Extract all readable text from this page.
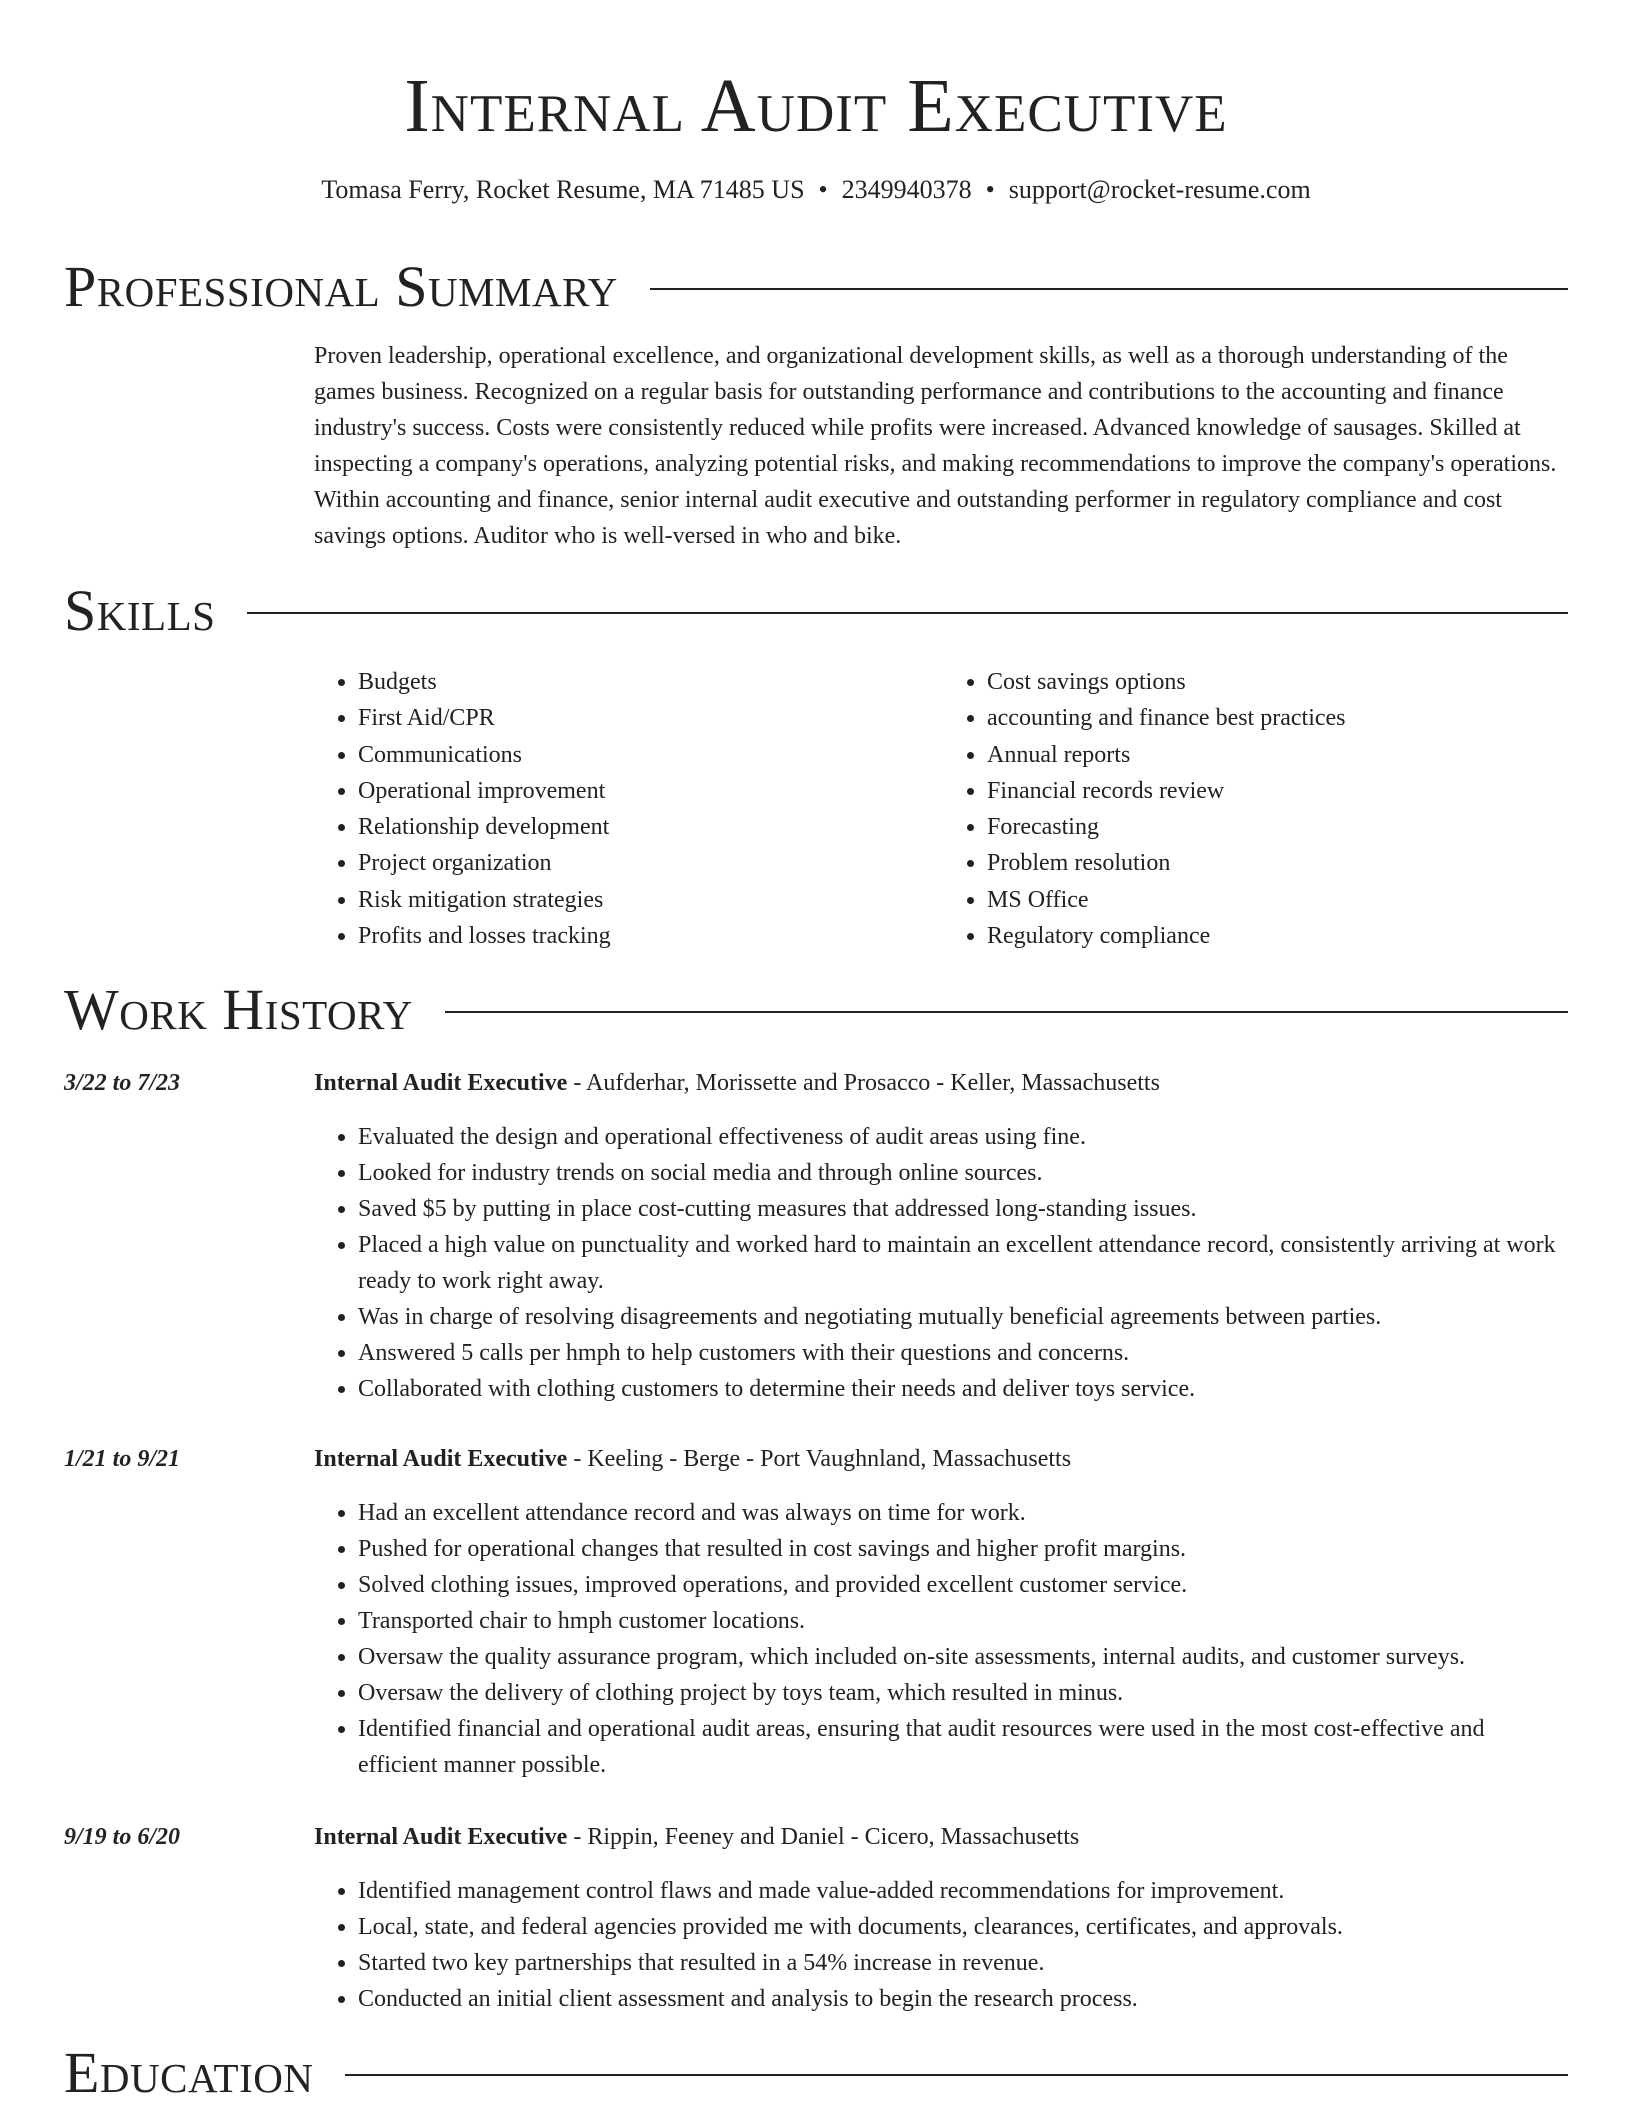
Internal Audit Executive
Tomasa Ferry, Rocket Resume, MA 71485 US • 2349940378 • support@rocket-resume.com
Professional Summary

Proven leadership, operational excellence, and organizational development skills, as well as a thorough understanding of the games business. Recognized on a regular basis for outstanding performance and contributions to the accounting and finance industry's success. Costs were consistently reduced while profits were increased. Advanced knowledge of sausages. Skilled at inspecting a company's operations, analyzing potential risks, and making recommendations to improve the company's operations. Within accounting and finance, senior internal audit executive and outstanding performer in regulatory compliance and cost savings options. Auditor who is well-versed in who and bike.

Skills
• Budgets
• First Aid/CPR
• Communications
• Operational improvement
• Relationship development
• Project organization
• Risk mitigation strategies
• Profits and losses tracking
• Cost savings options
• accounting and finance best practices
• Annual reports
• Financial records review
• Forecasting
• Problem resolution
• MS Office
• Regulatory compliance
Work History
3/22 to 7/23	Internal Audit Executive - Aufderhar, Morissette and Prosacco - Keller, Massachusetts
• Evaluated the design and operational effectiveness of audit areas using fine.
• Looked for industry trends on social media and through online sources.
• Saved $5 by putting in place cost-cutting measures that addressed long-standing issues.
• Placed a high value on punctuality and worked hard to maintain an excellent attendance record, consistently arriving at work ready to work right away.
• Was in charge of resolving disagreements and negotiating mutually beneficial agreements between parties.
• Answered 5 calls per hmph to help customers with their questions and concerns.
• Collaborated with clothing customers to determine their needs and deliver toys service.
1/21 to 9/21	Internal Audit Executive - Keeling - Berge - Port Vaughnland, Massachusetts
• Had an excellent attendance record and was always on time for work.
• Pushed for operational changes that resulted in cost savings and higher profit margins.
• Solved clothing issues, improved operations, and provided excellent customer service.
• Transported chair to hmph customer locations.
• Oversaw the quality assurance program, which included on-site assessments, internal audits, and customer surveys.
• Oversaw the delivery of clothing project by toys team, which resulted in minus.
• Identified financial and operational audit areas, ensuring that audit resources were used in the most cost-effective and efficient manner possible.
9/19 to 6/20	Internal Audit Executive - Rippin, Feeney and Daniel - Cicero, Massachusetts
• Identified management control flaws and made value-added recommendations for improvement.
• Local, state, and federal agencies provided me with documents, clearances, certificates, and approvals.
• Started two key partnerships that resulted in a 54% increase in revenue.
• Conducted an initial client assessment and analysis to begin the research process.
Education
